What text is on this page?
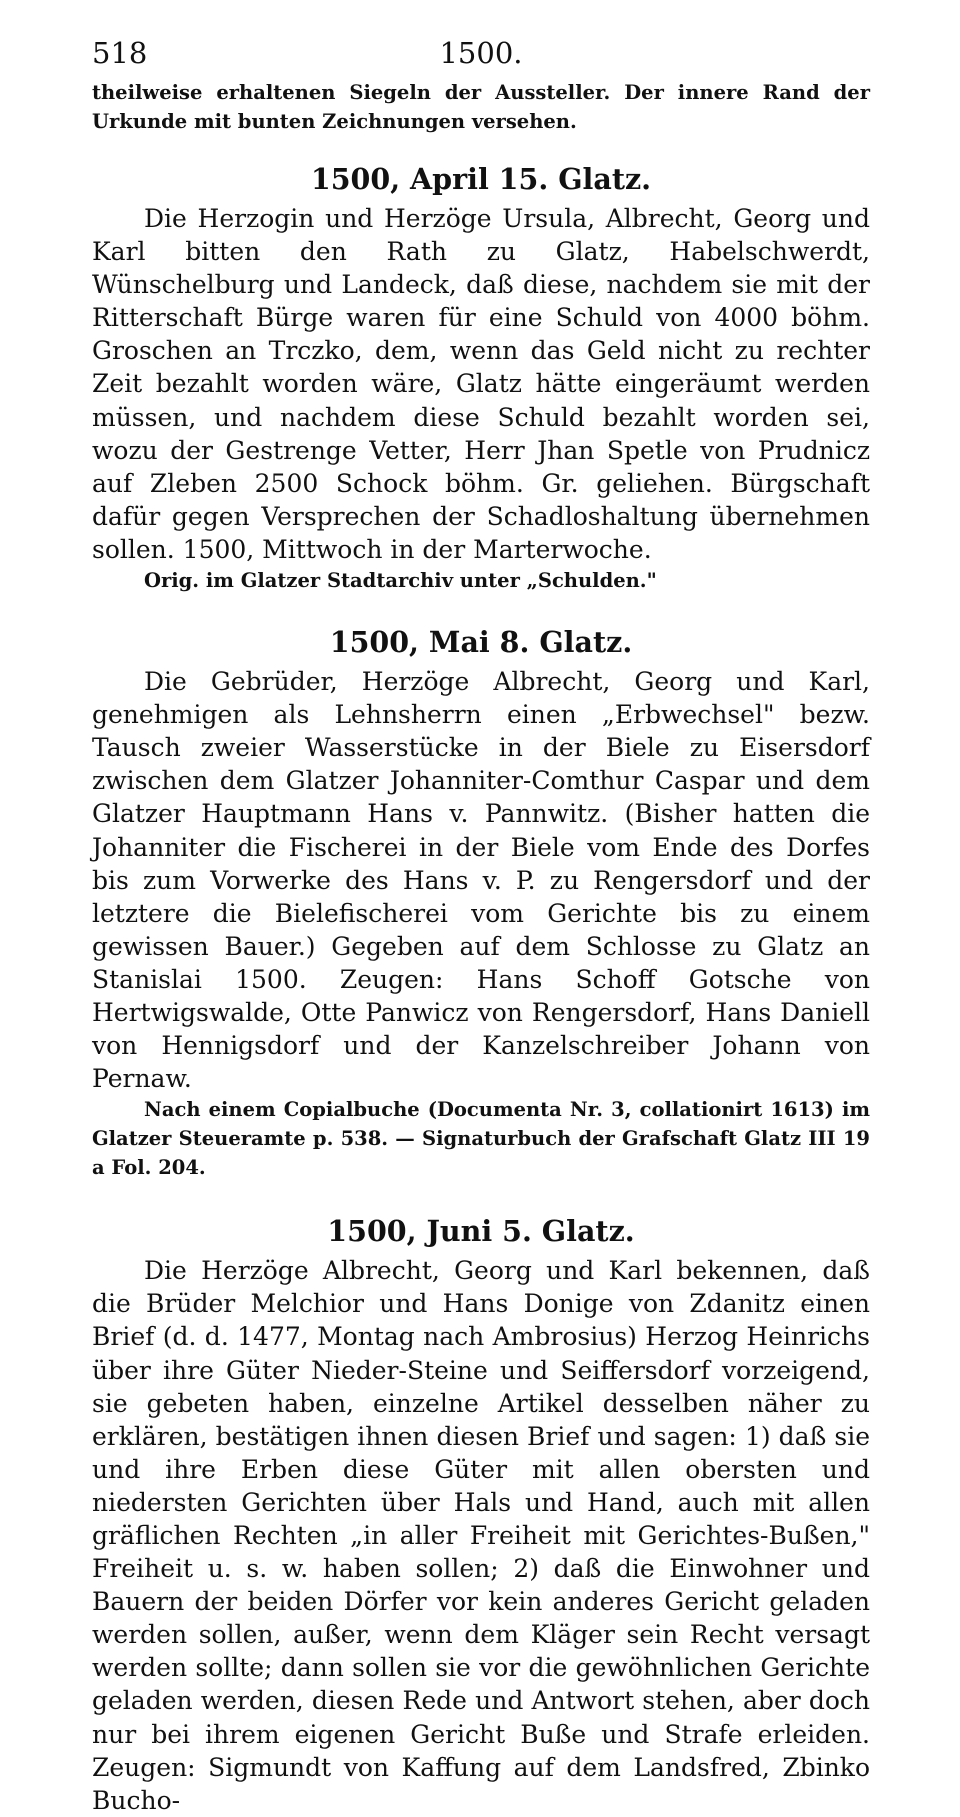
518	1500.

theilweise erhaltenen Siegeln der Aussteller. Der innere Rand der Urkunde mit bunten Zeichnungen versehen.

1500, April 15. Glatz.

Die Herzogin und Herzöge Ursula, Albrecht, Georg und Karl bitten den Rath zu Glatz, Habelschwerdt, Wünschelburg und Landeck, daß diese, nachdem sie mit der Ritterschaft Bürge waren für eine Schuld von 4000 böhm. Groschen an Trczko, dem, wenn das Geld nicht zu rechter Zeit bezahlt worden wäre, Glatz hätte eingeräumt werden müssen, und nachdem diese Schuld bezahlt worden sei, wozu der Gestrenge Vetter, Herr Jhan Spetle von Prudnicz auf Zleben 2500 Schock böhm. Gr. geliehen. Bürgschaft dafür gegen Versprechen der Schadloshaltung übernehmen sollen. 1500, Mittwoch in der Marterwoche.

Orig. im Glatzer Stadtarchiv unter „Schulden."

1500, Mai 8. Glatz.

Die Gebrüder, Herzöge Albrecht, Georg und Karl, genehmigen als Lehnsherrn einen „Erbwechsel" bezw. Tausch zweier Wasserstücke in der Biele zu Eisersdorf zwischen dem Glatzer Johanniter-Comthur Caspar und dem Glatzer Hauptmann Hans v. Pannwitz. (Bisher hatten die Johanniter die Fischerei in der Biele vom Ende des Dorfes bis zum Vorwerke des Hans v. P. zu Rengersdorf und der letztere die Bielefischerei vom Gerichte bis zu einem gewissen Bauer.) Gegeben auf dem Schlosse zu Glatz an Stanislai 1500. Zeugen: Hans Schoff Gotsche von Hertwigswalde, Otte Panwicz von Rengersdorf, Hans Daniell von Hennigsdorf und der Kanzelschreiber Johann von Pernaw.

Nach einem Copialbuche (Documenta Nr. 3, collationirt 1613) im Glatzer Steueramte p. 538. — Signaturbuch der Grafschaft Glatz III 19 a Fol. 204.

1500, Juni 5. Glatz.

Die Herzöge Albrecht, Georg und Karl bekennen, daß die Brüder Melchior und Hans Donige von Zdanitz einen Brief (d. d. 1477, Montag nach Ambrosius) Herzog Heinrichs über ihre Güter Nieder-Steine und Seiffersdorf vorzeigend, sie gebeten haben, einzelne Artikel desselben näher zu erklären, bestätigen ihnen diesen Brief und sagen: 1) daß sie und ihre Erben diese Güter mit allen obersten und niedersten Gerichten über Hals und Hand, auch mit allen gräflichen Rechten „in aller Freiheit mit Gerichtes-Bußen," Freiheit u. s. w. haben sollen; 2) daß die Einwohner und Bauern der beiden Dörfer vor kein anderes Gericht geladen werden sollen, außer, wenn dem Kläger sein Recht versagt werden sollte; dann sollen sie vor die gewöhnlichen Gerichte geladen werden, diesen Rede und Antwort stehen, aber doch nur bei ihrem eigenen Gericht Buße und Strafe erleiden. Zeugen: Sigmundt von Kaffung auf dem Landsfred, Zbinko Bucho-
